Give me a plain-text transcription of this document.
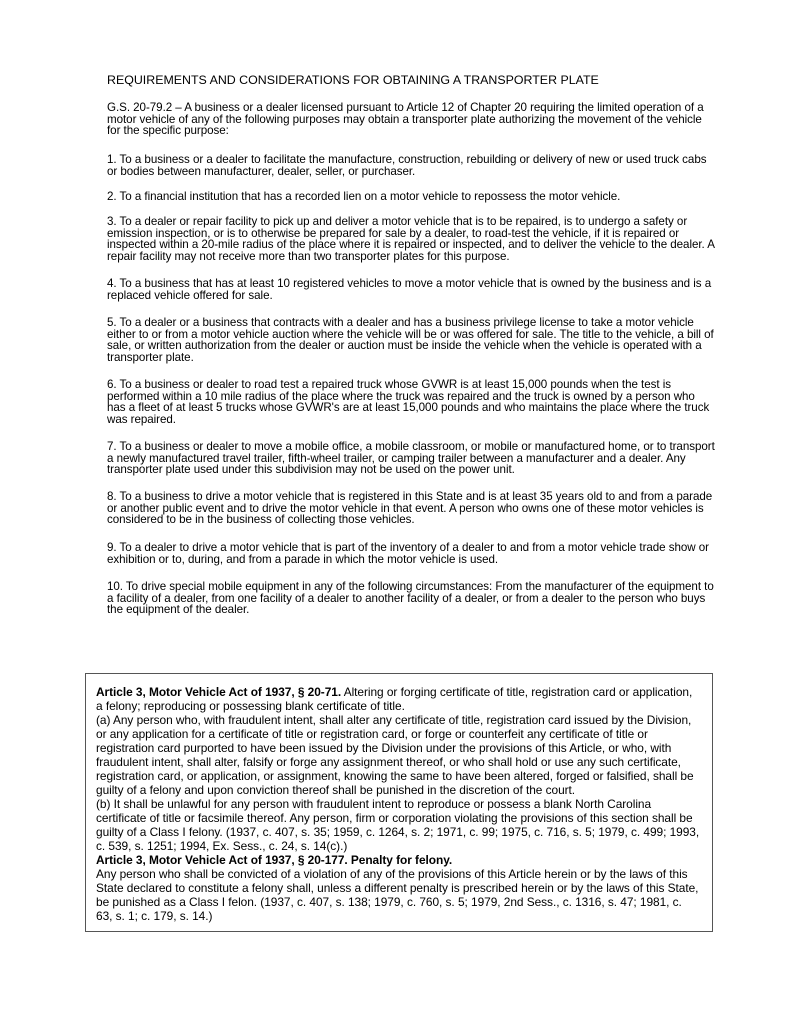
REQUIREMENTS AND CONSIDERATIONS FOR OBTAINING A TRANSPORTER PLATE

G.S. 20-79.2 – A business or a dealer licensed pursuant to Article 12 of Chapter 20 requiring the limited operation of a motor vehicle of any of the following purposes may obtain a transporter plate authorizing the movement of the vehicle for the specific purpose:

1. To a business or a dealer to facilitate the manufacture, construction, rebuilding or delivery of new or used truck cabs or bodies between manufacturer, dealer, seller, or purchaser.

2. To a financial institution that has a recorded lien on a motor vehicle to repossess the motor vehicle.

3. To a dealer or repair facility to pick up and deliver a motor vehicle that is to be repaired, is to undergo a safety or emission inspection, or is to otherwise be prepared for sale by a dealer, to road-test the vehicle, if it is repaired or inspected within a 20-mile radius of the place where it is repaired or inspected, and to deliver the vehicle to the dealer. A repair facility may not receive more than two transporter plates for this purpose.

4. To a business that has at least 10 registered vehicles to move a motor vehicle that is owned by the business and is a replaced vehicle offered for sale.

5. To a dealer or a business that contracts with a dealer and has a business privilege license to take a motor vehicle either to or from a motor vehicle auction where the vehicle will be or was offered for sale. The title to the vehicle, a bill of sale, or written authorization from the dealer or auction must be inside the vehicle when the vehicle is operated with a transporter plate.

6. To a business or dealer to road test a repaired truck whose GVWR is at least 15,000 pounds when the test is performed within a 10 mile radius of the place where the truck was repaired and the truck is owned by a person who has a fleet of at least 5 trucks whose GVWR's are at least 15,000 pounds and who maintains the place where the truck was repaired.

7. To a business or dealer to move a mobile office, a mobile classroom, or mobile or manufactured home, or to transport a newly manufactured travel trailer, fifth-wheel trailer, or camping trailer between a manufacturer and a dealer. Any transporter plate used under this subdivision may not be used on the power unit.

8. To a business to drive a motor vehicle that is registered in this State and is at least 35 years old to and from a parade or another public event and to drive the motor vehicle in that event. A person who owns one of these motor vehicles is considered to be in the business of collecting those vehicles.

9. To a dealer to drive a motor vehicle that is part of the inventory of a dealer to and from a motor vehicle trade show or exhibition or to, during, and from a parade in which the motor vehicle is used.

10. To drive special mobile equipment in any of the following circumstances: From the manufacturer of the equipment to a facility of a dealer, from one facility of a dealer to another facility of a dealer, or from a dealer to the person who buys the equipment of the dealer.

Article 3, Motor Vehicle Act of 1937, § 20-71. Altering or forging certificate of title, registration card or application, a felony; reproducing or possessing blank certificate of title.

(a) Any person who, with fraudulent intent, shall alter any certificate of title, registration card issued by the Division, or any application for a certificate of title or registration card, or forge or counterfeit any certificate of title or registration card purported to have been issued by the Division under the provisions of this Article, or who, with fraudulent intent, shall alter, falsify or forge any assignment thereof, or who shall hold or use any such certificate, registration card, or application, or assignment, knowing the same to have been altered, forged or falsified, shall be guilty of a felony and upon conviction thereof shall be punished in the discretion of the court.

(b) It shall be unlawful for any person with fraudulent intent to reproduce or possess a blank North Carolina certificate of title or facsimile thereof. Any person, firm or corporation violating the provisions of this section shall be guilty of a Class I felony. (1937, c. 407, s. 35; 1959, c. 1264, s. 2; 1971, c. 99; 1975, c. 716, s. 5; 1979, c. 499; 1993, c. 539, s. 1251; 1994, Ex. Sess., c. 24, s. 14(c).)

Article 3, Motor Vehicle Act of 1937, § 20-177. Penalty for felony.

Any person who shall be convicted of a violation of any of the provisions of this Article herein or by the laws of this State declared to constitute a felony shall, unless a different penalty is prescribed herein or by the laws of this State, be punished as a Class I felon. (1937, c. 407, s. 138; 1979, c. 760, s. 5; 1979, 2nd Sess., c. 1316, s. 47; 1981, c. 63, s. 1; c. 179, s. 14.)
